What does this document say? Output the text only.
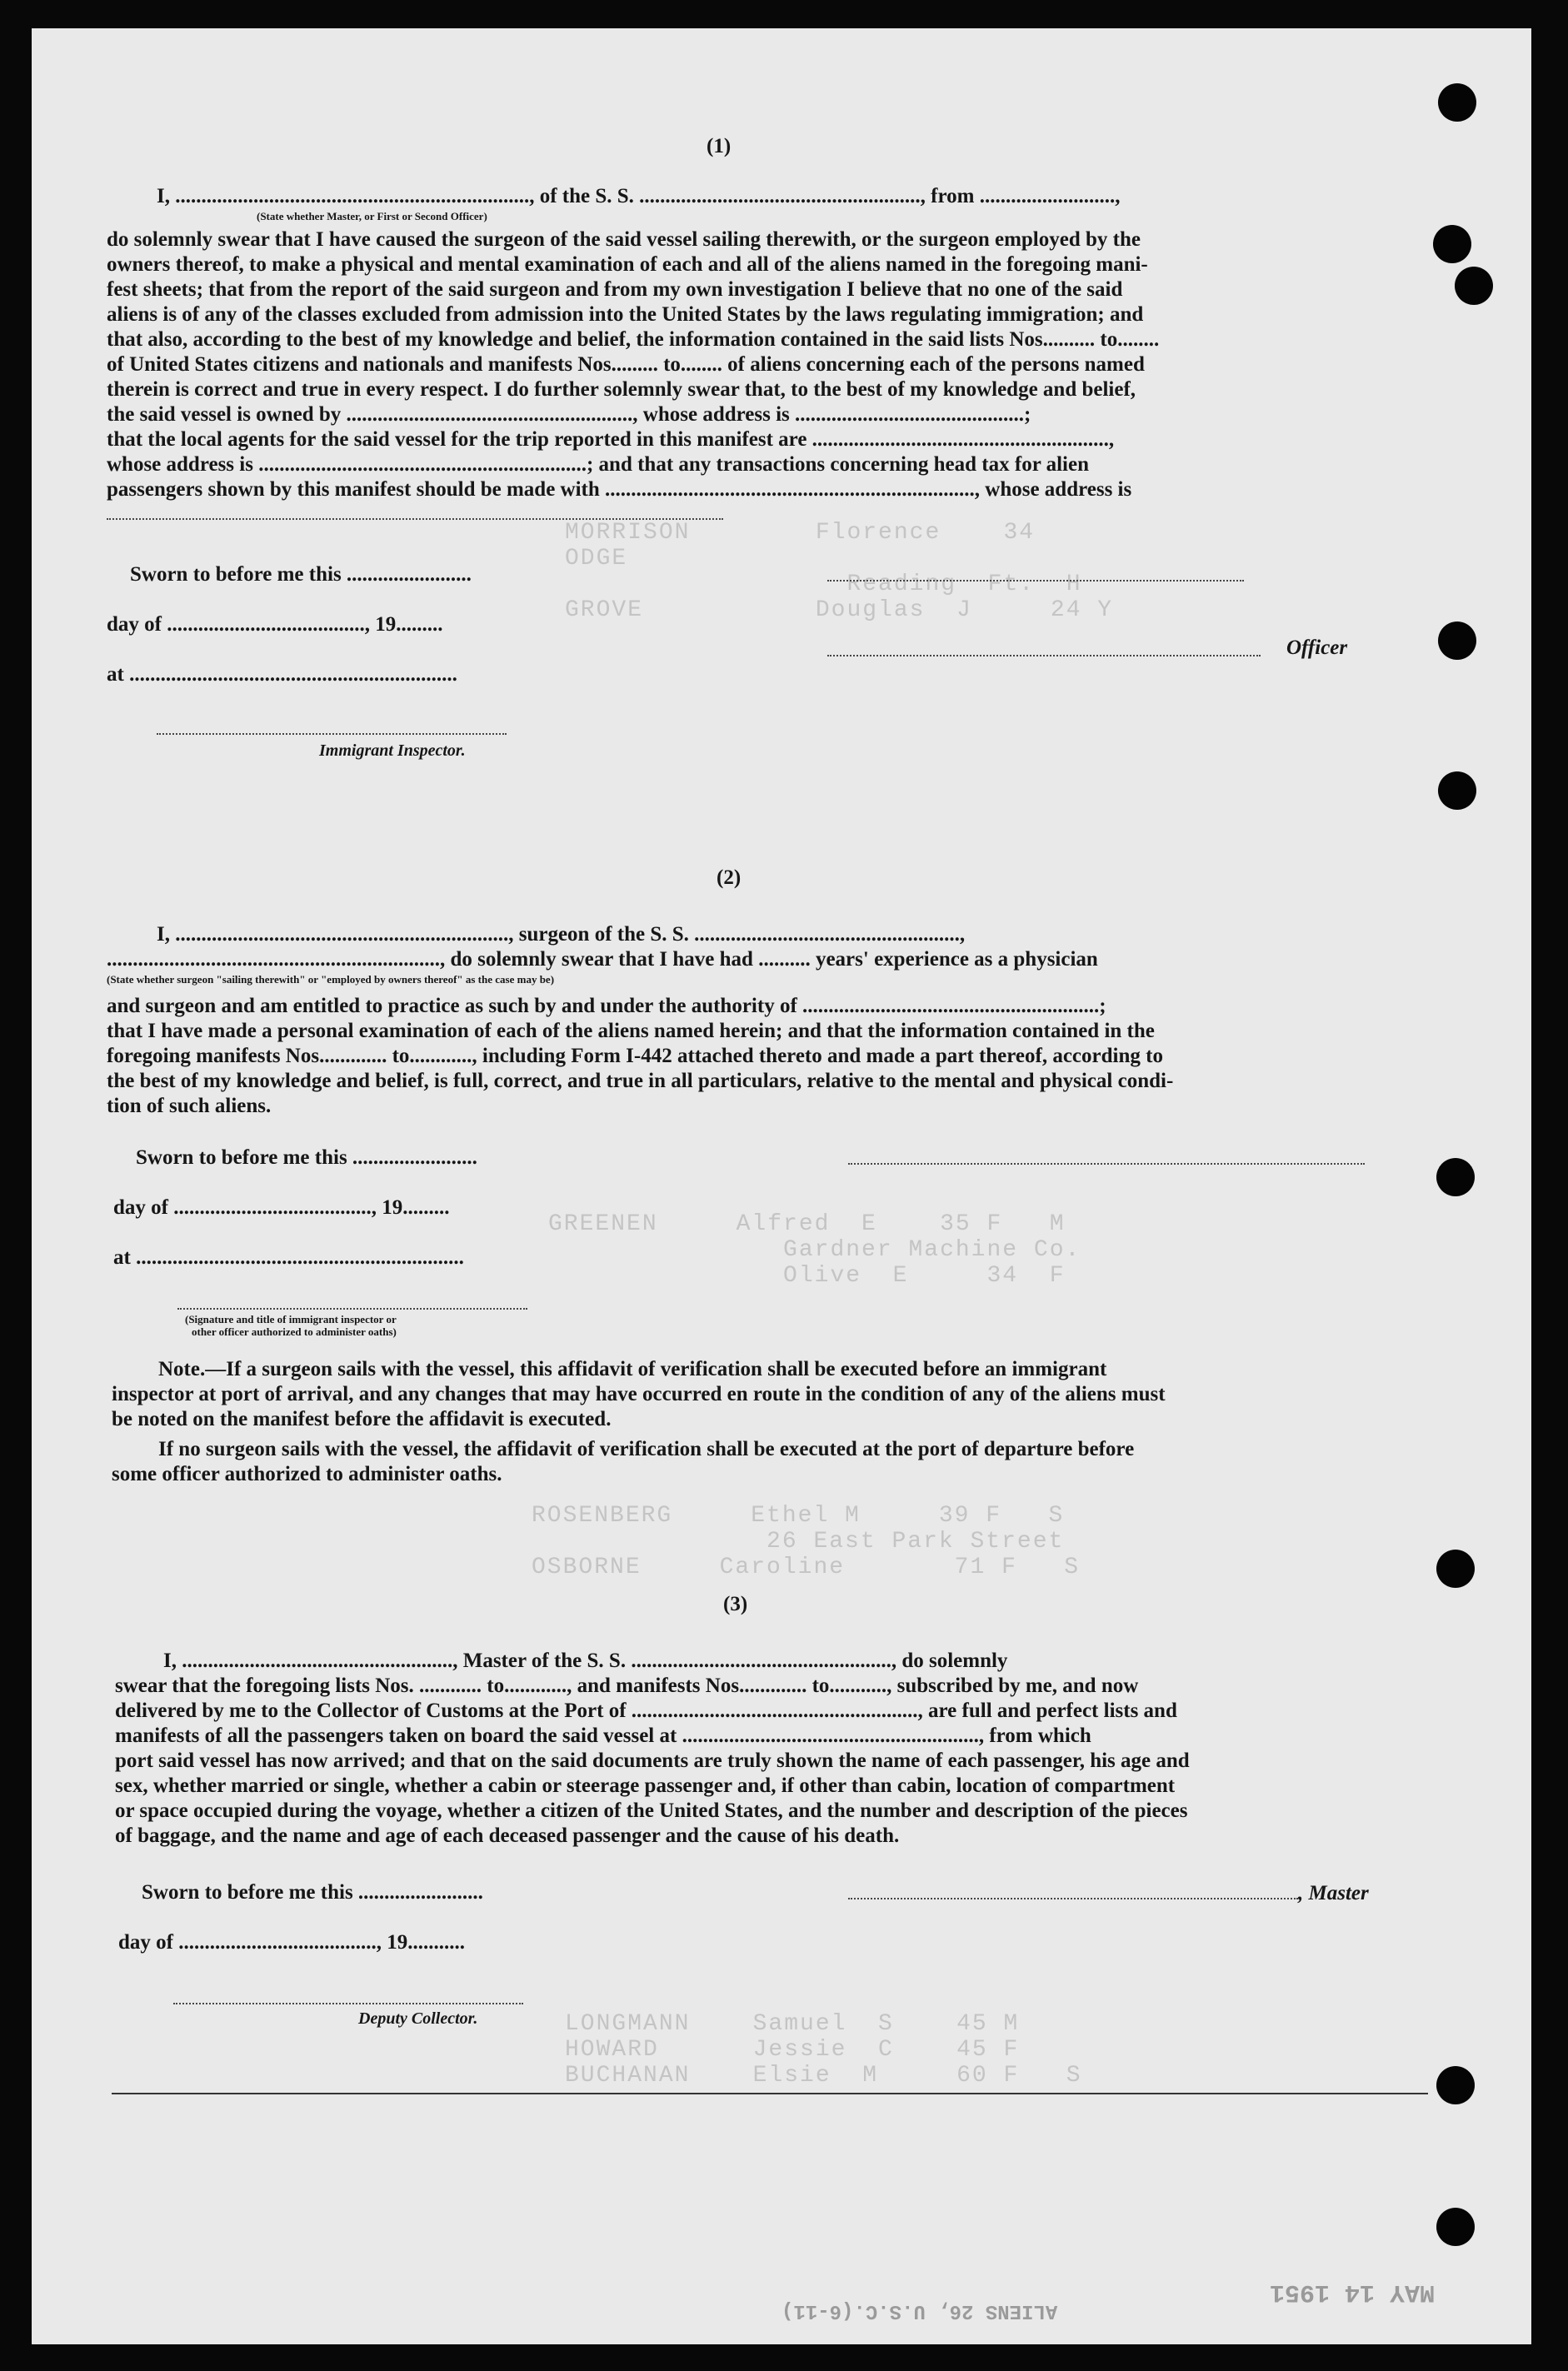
MORRISON        Florence    34
ODGE
Reading  Ft.  H
GROVE           Douglas  J     24 Y
GREENEN     Alfred  E    35 F   M
Gardner Machine Co.
Olive  E     34  F
ROSENBERG     Ethel M     39 F   S
26 East Park Street
OSBORNE     Caroline       71 F   S
LONGMANN    Samuel  S    45 M
HOWARD      Jessie  C    45 F
BUCHANAN    Elsie  M     60 F   S
(1)
I, ...................................................................., of the S. S. ......................................................, from ..........................,
(State whether Master, or First or Second Officer)
do solemnly swear that I have caused the surgeon of the said vessel sailing therewith, or the surgeon employed by the
owners thereof, to make a physical and mental examination of each and all of the aliens named in the foregoing mani-
fest sheets; that from the report of the said surgeon and from my own investigation I believe that no one of the said
aliens is of any of the classes excluded from admission into the United States by the laws regulating immigration; and
that also, according to the best of my knowledge and belief, the information contained in the said lists Nos.......... to........
of United States citizens and nationals and manifests Nos......... to........ of aliens concerning each of the persons named
therein is correct and true in every respect. I do further solemnly swear that, to the best of my knowledge and belief,
the said vessel is owned by ......................................................., whose address is ............................................;
that the local agents for the said vessel for the trip reported in this manifest are .........................................................,
whose address is ...............................................................; and that any transactions concerning head tax for alien
passengers shown by this manifest should be made with ......................................................................., whose address is
Sworn to before me this ........................
day of ......................................, 19.........
Officer
at ...............................................................
Immigrant Inspector.
(2)
I, ................................................................, surgeon of the S. S. ...................................................,
................................................................, do solemnly swear that I have had .......... years' experience as a physician
(State whether surgeon "sailing therewith" or "employed by owners thereof" as the case may be)
and surgeon and am entitled to practice as such by and under the authority of .........................................................;
that I have made a personal examination of each of the aliens named herein; and that the information contained in the
foregoing manifests Nos............. to............, including Form I-442 attached thereto and made a part thereof, according to
the best of my knowledge and belief, is full, correct, and true in all particulars, relative to the mental and physical condi-
tion of such aliens.
Sworn to before me this ........................
day of ......................................, 19.........
at ...............................................................
(Signature and title of immigrant inspector or
other officer authorized to administer oaths)
Note.—If a surgeon sails with the vessel, this affidavit of verification shall be executed before an immigrant
inspector at port of arrival, and any changes that may have occurred en route in the condition of any of the aliens must
be noted on the manifest before the affidavit is executed.
If no surgeon sails with the vessel, the affidavit of verification shall be executed at the port of departure before
some officer authorized to administer oaths.
(3)
I, ...................................................., Master of the S. S. .................................................., do solemnly
swear that the foregoing lists Nos. ............ to............, and manifests Nos............. to..........., subscribed by me, and now
delivered by me to the Collector of Customs at the Port of ......................................................., are full and perfect lists and
manifests of all the passengers taken on board the said vessel at ........................................................., from which
port said vessel has now arrived; and that on the said documents are truly shown the name of each passenger, his age and
sex, whether married or single, whether a cabin or steerage passenger and, if other than cabin, location of compartment
or space occupied during the voyage, whether a citizen of the United States, and the number and description of the pieces
of baggage, and the name and age of each deceased passenger and the cause of his death.
Sworn to before me this ........................	, Master
day of ......................................, 19...........
Deputy Collector.
MAY 14 1951
ALIENS 26, U.S.C.(6-11)
